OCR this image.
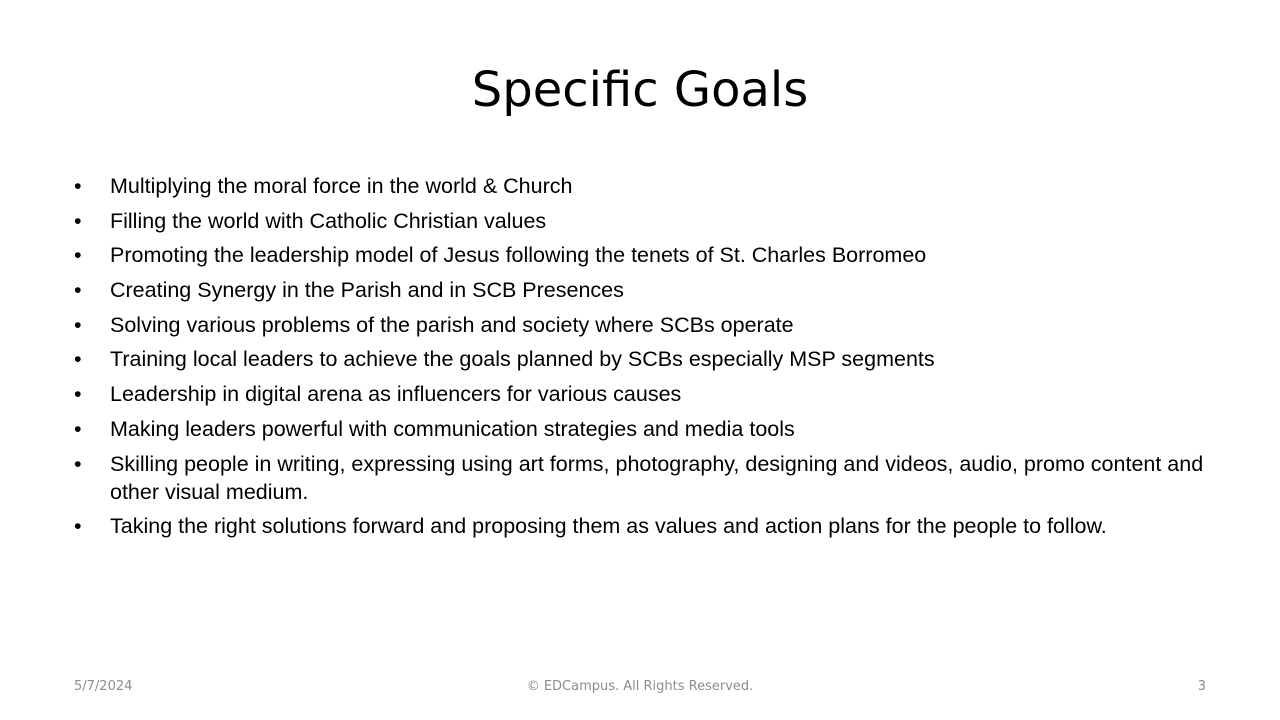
Specific Goals
•	Multiplying the moral force in the world & Church
•	Filling the world with Catholic Christian values
•	Promoting the leadership model of Jesus following the tenets of St. Charles Borromeo
•	Creating Synergy in the Parish and in SCB Presences
•	Solving various problems of the parish and society where SCBs operate
•	Training local leaders to achieve the goals planned by SCBs especially MSP segments
•	Leadership in digital arena as influencers for various causes
•	Making leaders powerful with communication strategies and media tools
•	Skilling people in writing, expressing using art forms, photography, designing and videos, audio, promo content and other visual medium.
•	Taking the right solutions forward and proposing them as values and action plans for the people to follow.
5/7/2024	© EDCampus. All Rights Reserved.	3
